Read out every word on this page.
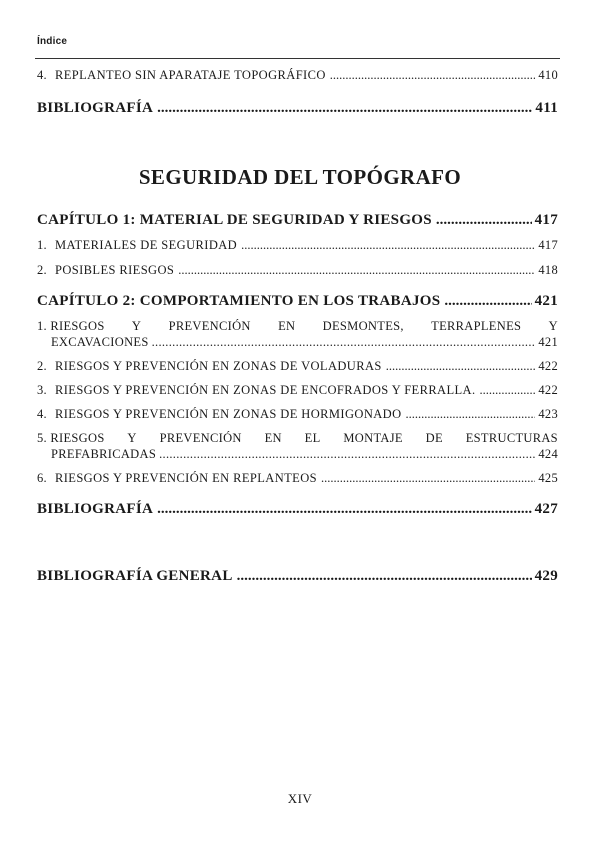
Índice
4. REPLANTEO SIN APARATAJE TOPOGRÁFICO .....	410
BIBLIOGRAFÍA .....	411
SEGURIDAD DEL TOPÓGRAFO
CAPÍTULO 1: MATERIAL DE SEGURIDAD Y RIESGOS .....	417
1. MATERIALES DE SEGURIDAD .....	417
2. POSIBLES RIESGOS .....	418
CAPÍTULO 2: COMPORTAMIENTO EN LOS TRABAJOS .....	421
1. RIESGOS Y PREVENCIÓN EN DESMONTES, TERRAPLENES Y
EXCAVACIONES .....	421
2. RIESGOS Y PREVENCIÓN EN ZONAS DE VOLADURAS .....	422
3. RIESGOS Y PREVENCIÓN EN ZONAS DE ENCOFRADOS Y FERRALLA. .....	422
4. RIESGOS Y PREVENCIÓN EN ZONAS DE HORMIGONADO .....	423
5. RIESGOS Y PREVENCIÓN EN EL MONTAJE DE ESTRUCTURAS
PREFABRICADAS .....	424
6. RIESGOS Y PREVENCIÓN EN REPLANTEOS .....	425
BIBLIOGRAFÍA .....	427
BIBLIOGRAFÍA GENERAL .....	429
XIV
